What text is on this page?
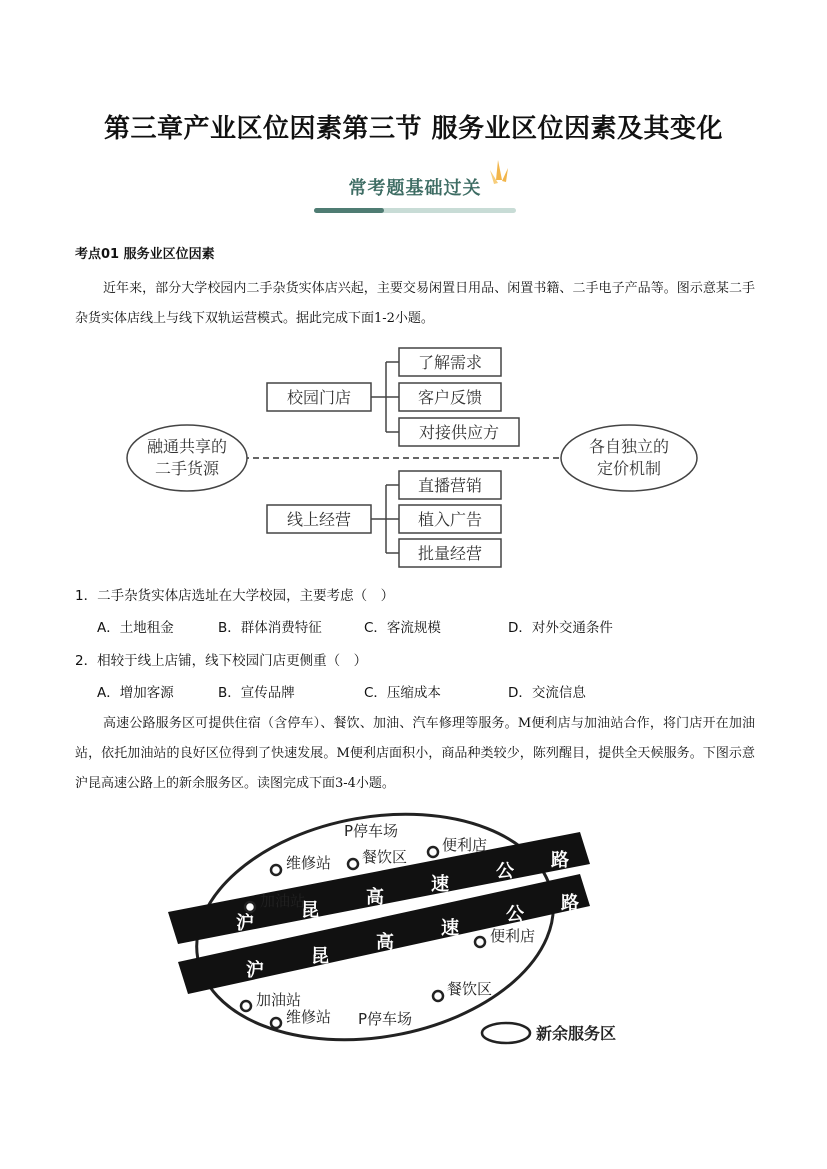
第三章产业区位因素第三节 服务业区位因素及其变化
常考题基础过关
考点01 服务业区位因素
近年来，部分大学校园内二手杂货实体店兴起，主要交易闲置日用品、闲置书籍、二手电子产品等。图示意某二手杂货实体店线上与线下双轨运营模式。据此完成下面1-2小题。
融通共享的
二手货源
各自独立的
定价机制
校园门店
了解需求
客户反馈
对接供应方
线上经营
直播营销
植入广告
批量经营
1．二手杂货实体店选址在大学校园，主要考虑（　）
A．土地租金	B．群体消费特征	C．客流规模	D．对外交通条件
2．相较于线上店铺，线下校园门店更侧重（　）
A．增加客源	B．宣传品牌	C．压缩成本	D．交流信息
高速公路服务区可提供住宿（含停车）、餐饮、加油、汽车修理等服务。M便利店与加油站合作，将门店开在加油站，依托加油站的良好区位得到了快速发展。M便利店面积小，商品种类较少，陈列醒目，提供全天候服务。下图示意沪昆高速公路上的新余服务区。读图完成下面3-4小题。
沪
昆
高
速
公
路
沪
昆
高
速
公
路
P停车场
维修站 餐饮区
便利店
加油站
便利店
加油站
维修站
餐饮区
P停车场
新余服务区
